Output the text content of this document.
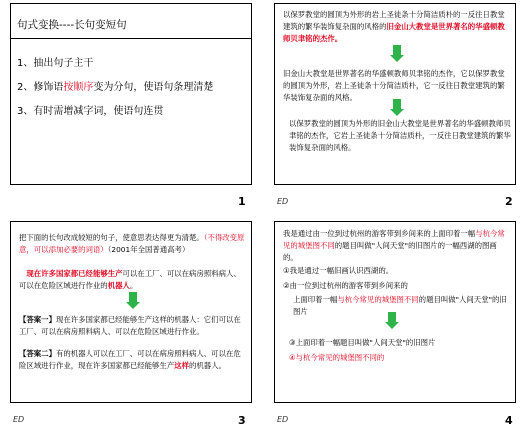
句式变换----长句变短句
1、抽出句子主干
2、修饰语按顺序变为分句，使语句条理清楚
3、有时需增减字词，使语句连贯
1
以保罗教堂的圆顶为外形的岩上圣徒条十分简洁质朴的一反往日教堂建筑的繁华装饰复杂面的风格的旧金山大教堂是世界著名的华盛顿教师贝聿铭的杰作。
旧金山大教堂是世界著名的华盛顿教师贝聿铭的杰作，它以保罗教堂的圆顶为外形，岩上圣徒条十分简洁质朴，它一反往日教堂建筑的繁华装饰复杂面的风格。
以保罗教堂的圆顶为外形的旧金山大教堂是世界著名的华盛顿教师贝聿铭的杰作，它岩上圣徒条十分简洁质朴，一反往日教堂建筑的繁华装饰复杂面的风格。
ED	2
把下面的长句改成较短的句子，使意思表达得更为清楚。（不得改变原意，可以添加必要的词语）（2001年全国普通高考）
　现在许多国家都已经能够生产可以在工厂、可以在病房照料病人、可以在危险区域进行作业的机器人。
【答案一】现在许多国家都已经能够生产这样的机器人：它们可以在工厂、可以在病房照料病人、可以在危险区域进行作业。
【答案二】有的机器人可以在工厂、可以在病房照料病人、可以在危险区域进行作业，现在许多国家都已经能够生产这样的机器人。
ED	3
我是通过由一位到过杭州的游客带到乡间来的上面印着一幅与杭今常见的城堡图不同的题目叫做"人间天堂"的旧图片的一幅西湖的图画的。
①我是通过一幅旧画认识西湖的。
②由一位到过杭州的游客带到乡间来的
上面印着一幅与杭今常见的城堡图不同的题目叫做"人间天堂"的旧图片
③上面印着一幅题目叫做"人间天堂"的旧图片
④与杭今常见的城堡图不同的
ED	4
